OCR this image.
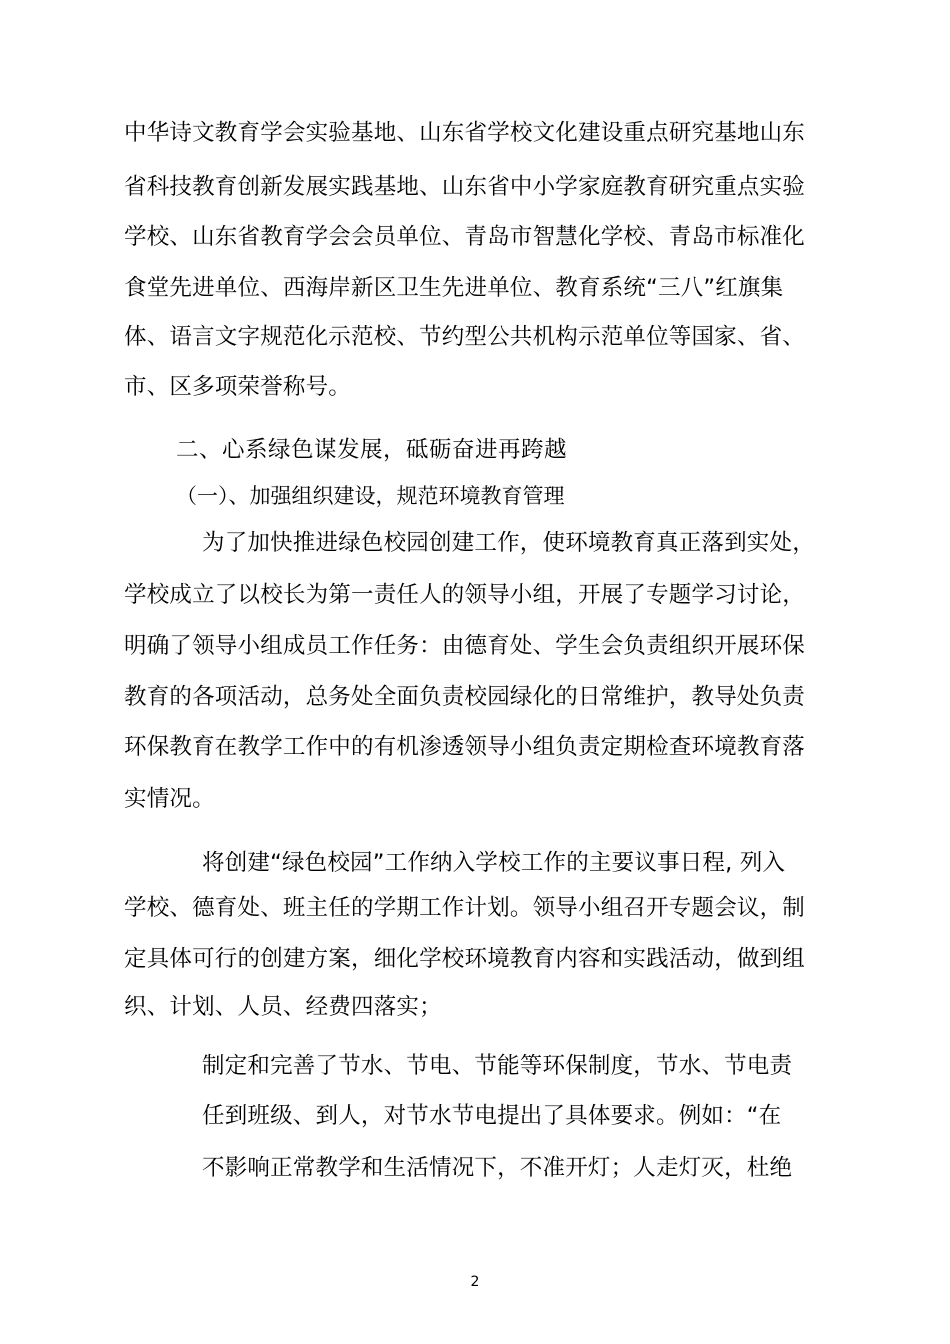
中华诗文教育学会实验基地、山东省学校文化建设重点研究基地山东
省科技教育创新发展实践基地、山东省中小学家庭教育研究重点实验
学校、山东省教育学会会员单位、青岛市智慧化学校、青岛市标准化
食堂先进单位、西海岸新区卫生先进单位、教育系统“三八”红旗集
体、语言文字规范化示范校、节约型公共机构示范单位等国家、省、
市、区多项荣誉称号。
二、心系绿色谋发展，砥砺奋进再跨越
（一）、加强组织建设，规范环境教育管理
为了加快推进绿色校园创建工作，使环境教育真正落到实处，
学校成立了以校长为第一责任人的领导小组，开展了专题学习讨论，
明确了领导小组成员工作任务：由德育处、学生会负责组织开展环保
教育的各项活动，总务处全面负责校园绿化的日常维护，教导处负责
环保教育在教学工作中的有机渗透领导小组负责定期检查环境教育落
实情况。
将创建“绿色校园”工作纳入学校工作的主要议事日程, 列入
学校、德育处、班主任的学期工作计划。领导小组召开专题会议，制
定具体可行的创建方案，细化学校环境教育内容和实践活动，做到组
织、计划、人员、经费四落实；
制定和完善了节水、节电、节能等环保制度，节水、节电责
任到班级、到人，对节水节电提出了具体要求。例如：“在
不影响正常教学和生活情况下，不准开灯；人走灯灭，杜绝
2
